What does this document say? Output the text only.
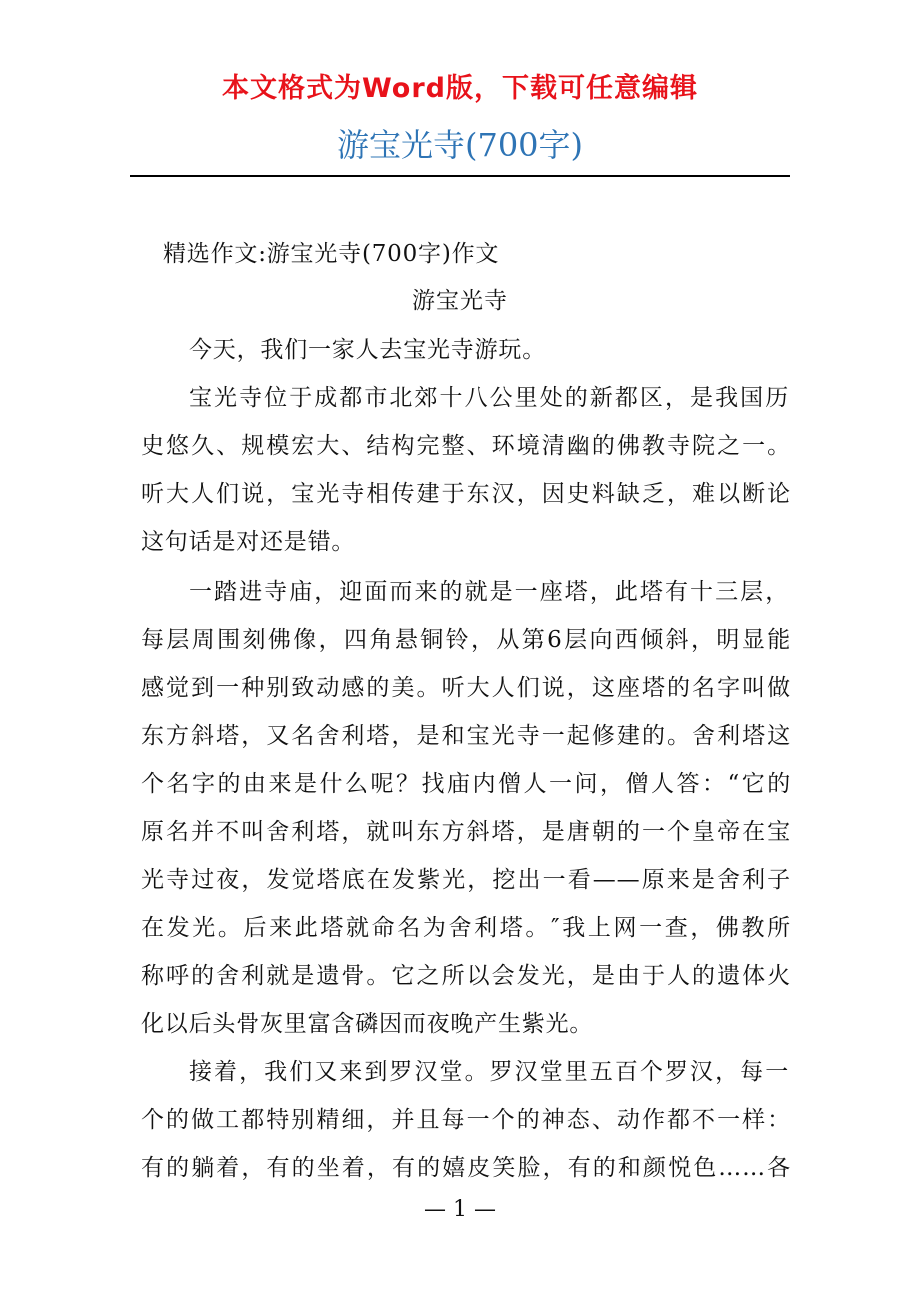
本文格式为Word版，下载可任意编辑
游宝光寺(700字)
精选作文:游宝光寺(700字)作文
游宝光寺
今天，我们一家人去宝光寺游玩。
宝光寺位于成都市北郊十八公里处的新都区，是我国历
史悠久、规模宏大、结构完整、环境清幽的佛教寺院之一。
听大人们说，宝光寺相传建于东汉，因史料缺乏，难以断论
这句话是对还是错。
一踏进寺庙，迎面而来的就是一座塔，此塔有十三层，
每层周围刻佛像，四角悬铜铃，从第6层向西倾斜，明显能
感觉到一种别致动感的美。听大人们说，这座塔的名字叫做
东方斜塔，又名舍利塔，是和宝光寺一起修建的。舍利塔这
个名字的由来是什么呢？找庙内僧人一问，僧人答：“它的
原名并不叫舍利塔，就叫东方斜塔，是唐朝的一个皇帝在宝
光寺过夜，发觉塔底在发紫光，挖出一看——原来是舍利子
在发光。后来此塔就命名为舍利塔。″我上网一查，佛教所
称呼的舍利就是遗骨。它之所以会发光，是由于人的遗体火
化以后头骨灰里富含磷因而夜晚产生紫光。
接着，我们又来到罗汉堂。罗汉堂里五百个罗汉，每一
个的做工都特别精细，并且每一个的神态、动作都不一样：
有的躺着，有的坐着，有的嬉皮笑脸，有的和颜悦色……各
— 1 —
